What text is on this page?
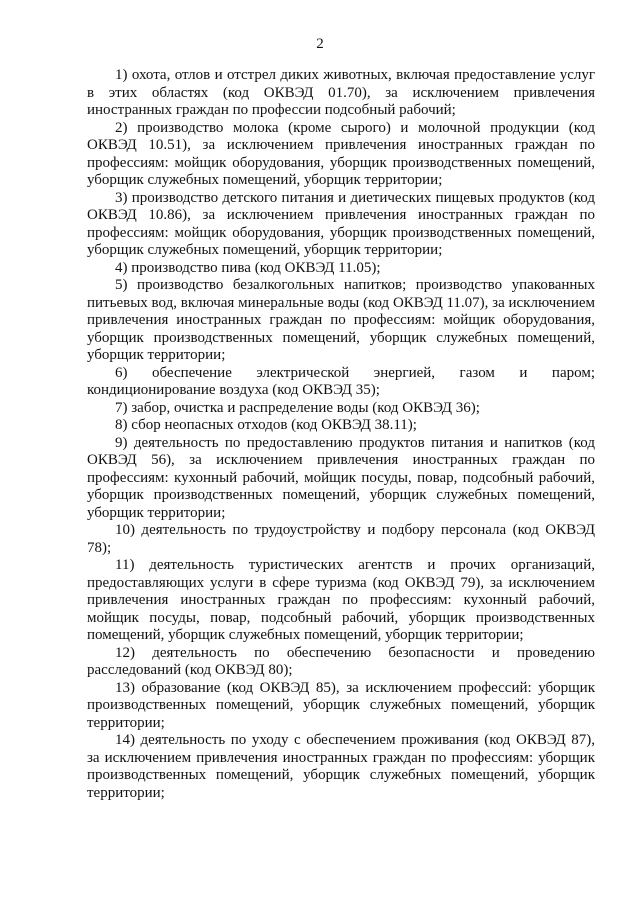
2

1) охота, отлов и отстрел диких животных, включая предоставление услуг в этих областях (код ОКВЭД 01.70), за исключением привлечения иностранных граждан по профессии подсобный рабочий;

2) производство молока (кроме сырого) и молочной продукции (код ОКВЭД 10.51), за исключением привлечения иностранных граждан по профессиям: мойщик оборудования, уборщик производственных помещений, уборщик служебных помещений, уборщик территории;

3) производство детского питания и диетических пищевых продуктов (код ОКВЭД 10.86), за исключением привлечения иностранных граждан по профессиям: мойщик оборудования, уборщик производственных помещений, уборщик служебных помещений, уборщик территории;

4) производство пива (код ОКВЭД 11.05);

5) производство безалкогольных напитков; производство упакованных питьевых вод, включая минеральные воды (код ОКВЭД 11.07), за исключением привлечения иностранных граждан по профессиям: мойщик оборудования, уборщик производственных помещений, уборщик служебных помещений, уборщик территории;

6) обеспечение электрической энергией, газом и паром; кондиционирование воздуха (код ОКВЭД 35);

7) забор, очистка и распределение воды (код ОКВЭД 36);

8) сбор неопасных отходов (код ОКВЭД 38.11);

9) деятельность по предоставлению продуктов питания и напитков (код ОКВЭД 56), за исключением привлечения иностранных граждан по профессиям: кухонный рабочий, мойщик посуды, повар, подсобный рабочий, уборщик производственных помещений, уборщик служебных помещений, уборщик территории;

10) деятельность по трудоустройству и подбору персонала (код ОКВЭД 78);

11) деятельность туристических агентств и прочих организаций, предоставляющих услуги в сфере туризма (код ОКВЭД 79), за исключением привлечения иностранных граждан по профессиям: кухонный рабочий, мойщик посуды, повар, подсобный рабочий, уборщик производственных помещений, уборщик служебных помещений, уборщик территории;

12) деятельность по обеспечению безопасности и проведению расследований (код ОКВЭД 80);

13) образование (код ОКВЭД 85), за исключением профессий: уборщик производственных помещений, уборщик служебных помещений, уборщик территории;

14) деятельность по уходу с обеспечением проживания (код ОКВЭД 87), за исключением привлечения иностранных граждан по профессиям: уборщик производственных помещений, уборщик служебных помещений, уборщик территории;
